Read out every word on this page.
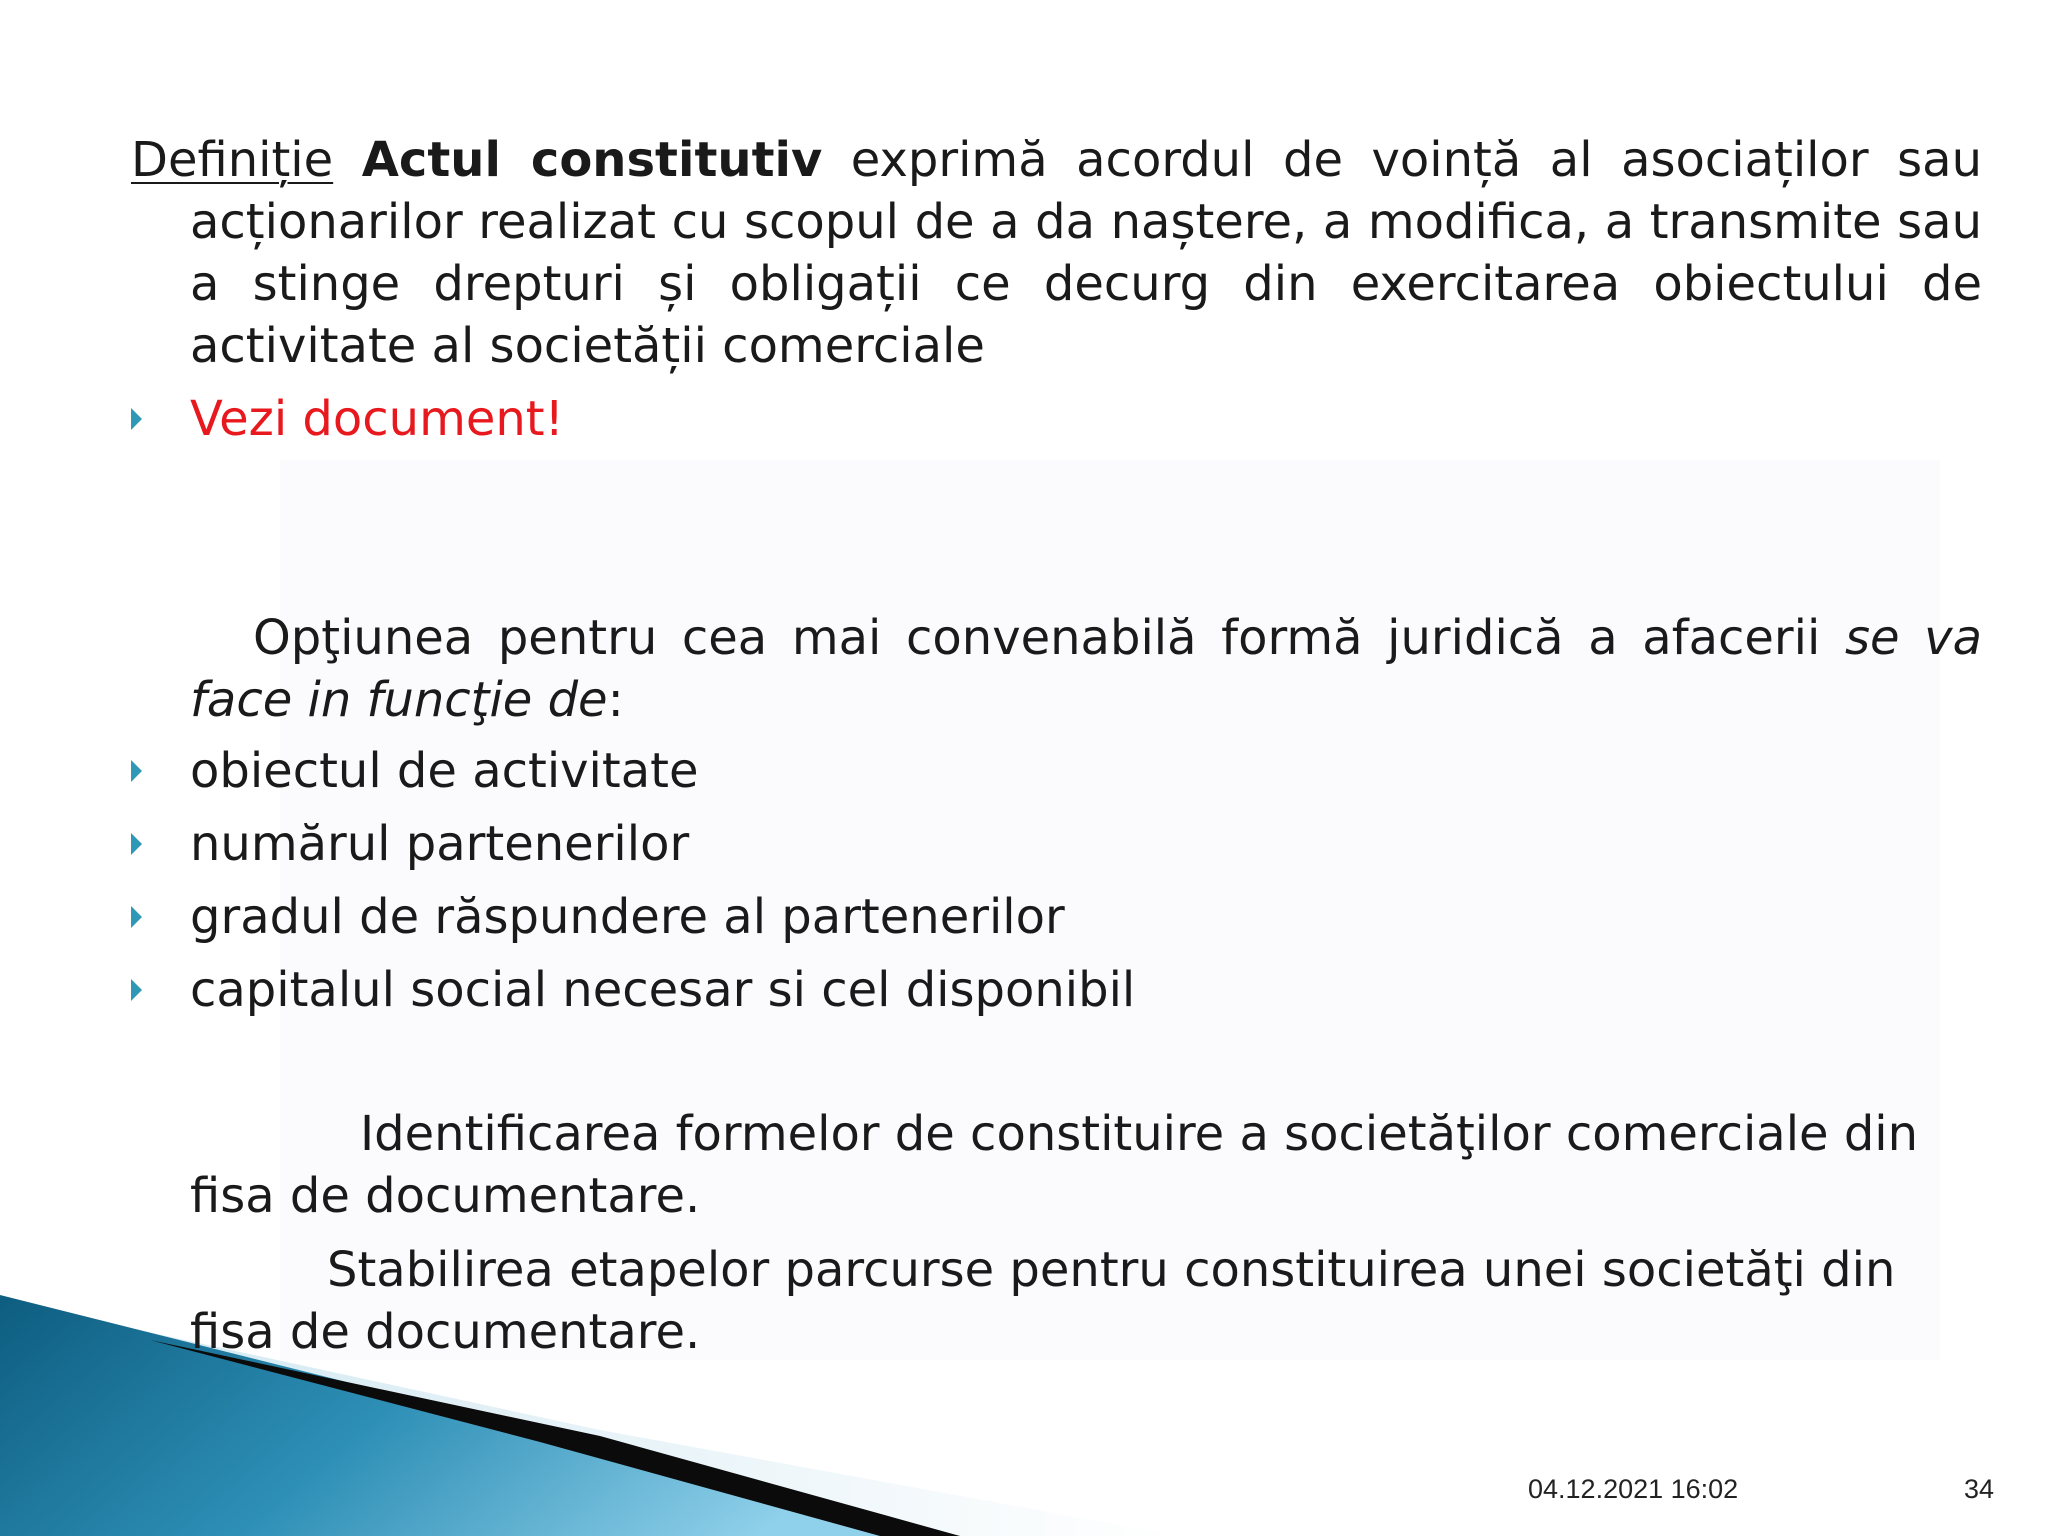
Definiție Actul constitutiv exprimă acordul de voință al asociaților sau acționarilor realizat cu scopul de a da naștere, a modifica, a transmite sau a stinge drepturi și obligații ce decurg din exercitarea obiectului de activitate al societății comerciale

Vezi document!

Opţiunea pentru cea mai convenabilă formă juridică a afacerii se va face in funcţie de:

obiectul de activitate
numărul partenerilor
gradul de răspundere al partenerilor
capitalul social necesar si cel disponibil

Identificarea formelor de constituire a societăţilor comerciale din fisa de documentare.

Stabilirea etapelor parcurse pentru constituirea unei societăţi din fisa de documentare.

04.12.2021 16:02	34
